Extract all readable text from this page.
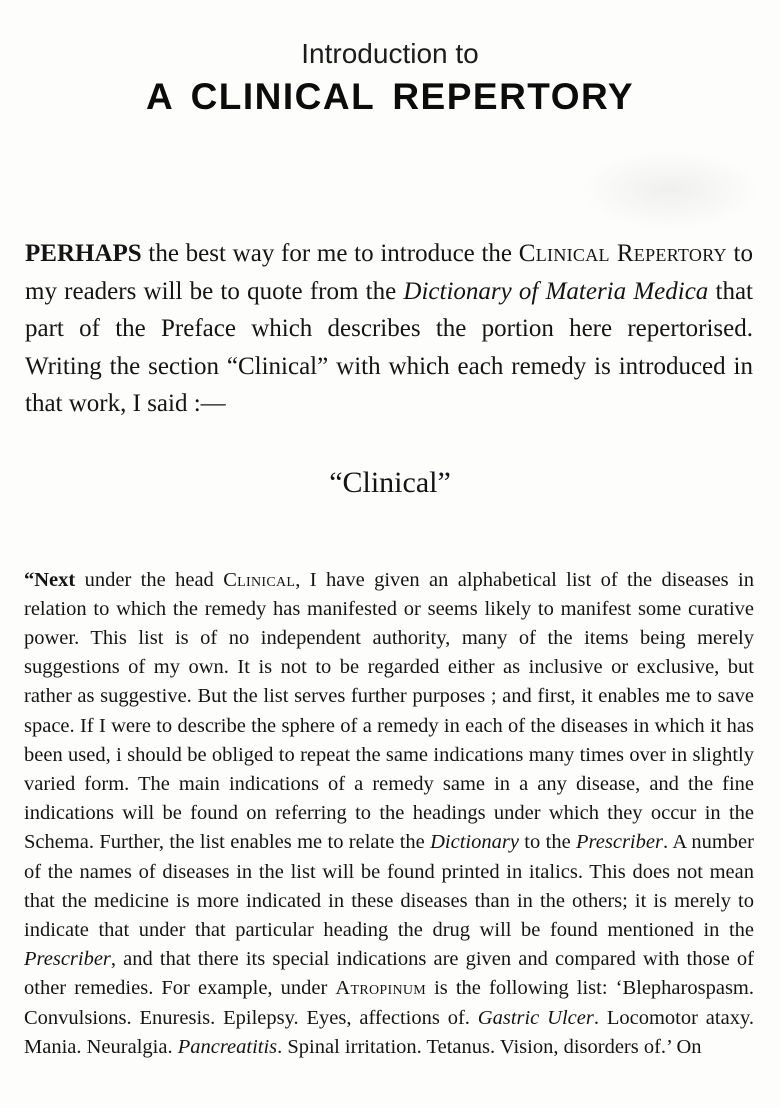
Introduction to
A CLINICAL REPERTORY

PERHAPS the best way for me to introduce the Clinical Repertory to my readers will be to quote from the Dictionary of Materia Medica that part of the Preface which describes the portion here repertorised. Writing the section “Clinical” with which each remedy is introduced in that work, I said :—

“Clinical”

“Next under the head Clinical, I have given an alphabetical list of the diseases in relation to which the remedy has manifested or seems likely to manifest some curative power. This list is of no independent authority, many of the items being merely suggestions of my own. It is not to be regarded either as inclusive or exclusive, but rather as suggestive. But the list serves further purposes ; and first, it enables me to save space. If I were to describe the sphere of a remedy in each of the diseases in which it has been used, i should be obliged to repeat the same indications many times over in slightly varied form. The main indications of a remedy same in a any disease, and the fine indications will be found on referring to the headings under which they occur in the Schema. Further, the list enables me to relate the Dictionary to the Prescriber. A number of the names of diseases in the list will be found printed in italics. This does not mean that the medicine is more indicated in these diseases than in the others; it is merely to indicate that under that particular heading the drug will be found mentioned in the Prescriber, and that there its special indications are given and compared with those of other remedies. For example, under Atropinum is the following list: ‘Blepharospasm. Convulsions. Enuresis. Epilepsy. Eyes, affections of. Gastric Ulcer. Locomotor ataxy. Mania. Neuralgia. Pancreatitis. Spinal irritation. Tetanus. Vision, disorders of.’ On
